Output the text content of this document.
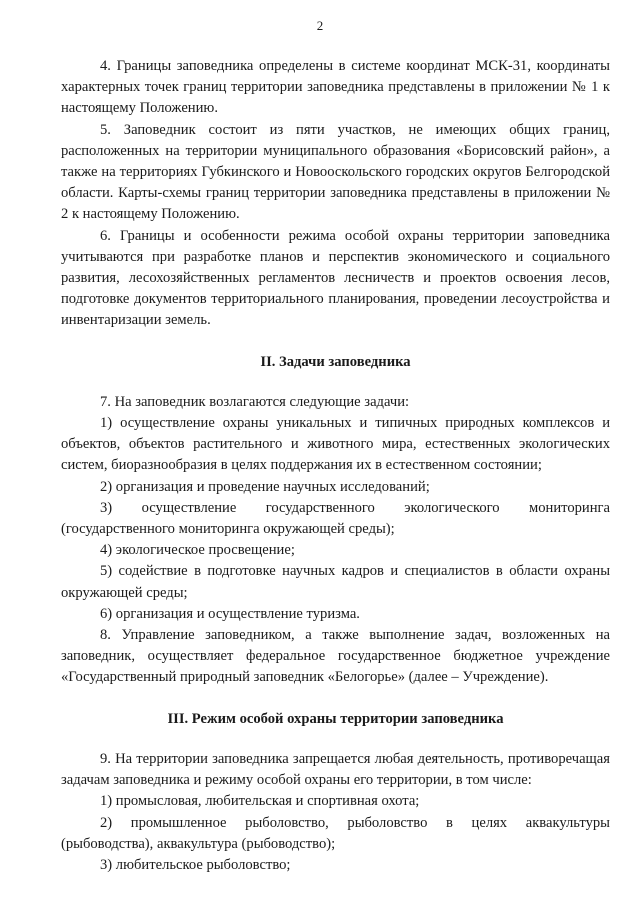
2

4. Границы заповедника определены в системе координат МСК-31, координаты характерных точек границ территории заповедника представлены в приложении № 1 к настоящему Положению.

5. Заповедник состоит из пяти участков, не имеющих общих границ, расположенных на территории муниципального образования «Борисовский район», а также на территориях Губкинского и Новооскольского городских округов Белгородской области. Карты-схемы границ территории заповедника представлены в приложении № 2 к настоящему Положению.

6. Границы и особенности режима особой охраны территории заповедника учитываются при разработке планов и перспектив экономического и социального развития, лесохозяйственных регламентов лесничеств и проектов освоения лесов, подготовке документов территориального планирования, проведении лесоустройства и инвентаризации земель.

II. Задачи заповедника

7. На заповедник возлагаются следующие задачи:

1) осуществление охраны уникальных и типичных природных комплексов и объектов, объектов растительного и животного мира, естественных экологических систем, биоразнообразия в целях поддержания их в естественном состоянии;

2) организация и проведение научных исследований;

3) осуществление государственного экологического мониторинга (государственного мониторинга окружающей среды);

4) экологическое просвещение;

5) содействие в подготовке научных кадров и специалистов в области охраны окружающей среды;

6) организация и осуществление туризма.

8. Управление заповедником, а также выполнение задач, возложенных на заповедник, осуществляет федеральное государственное бюджетное учреждение «Государственный природный заповедник «Белогорье» (далее – Учреждение).

III. Режим особой охраны территории заповедника

9. На территории заповедника запрещается любая деятельность, противоречащая задачам заповедника и режиму особой охраны его территории, в том числе:

1) промысловая, любительская и спортивная охота;

2) промышленное рыболовство, рыболовство в целях аквакультуры (рыбоводства), аквакультура (рыбоводство);

3) любительское рыболовство;
